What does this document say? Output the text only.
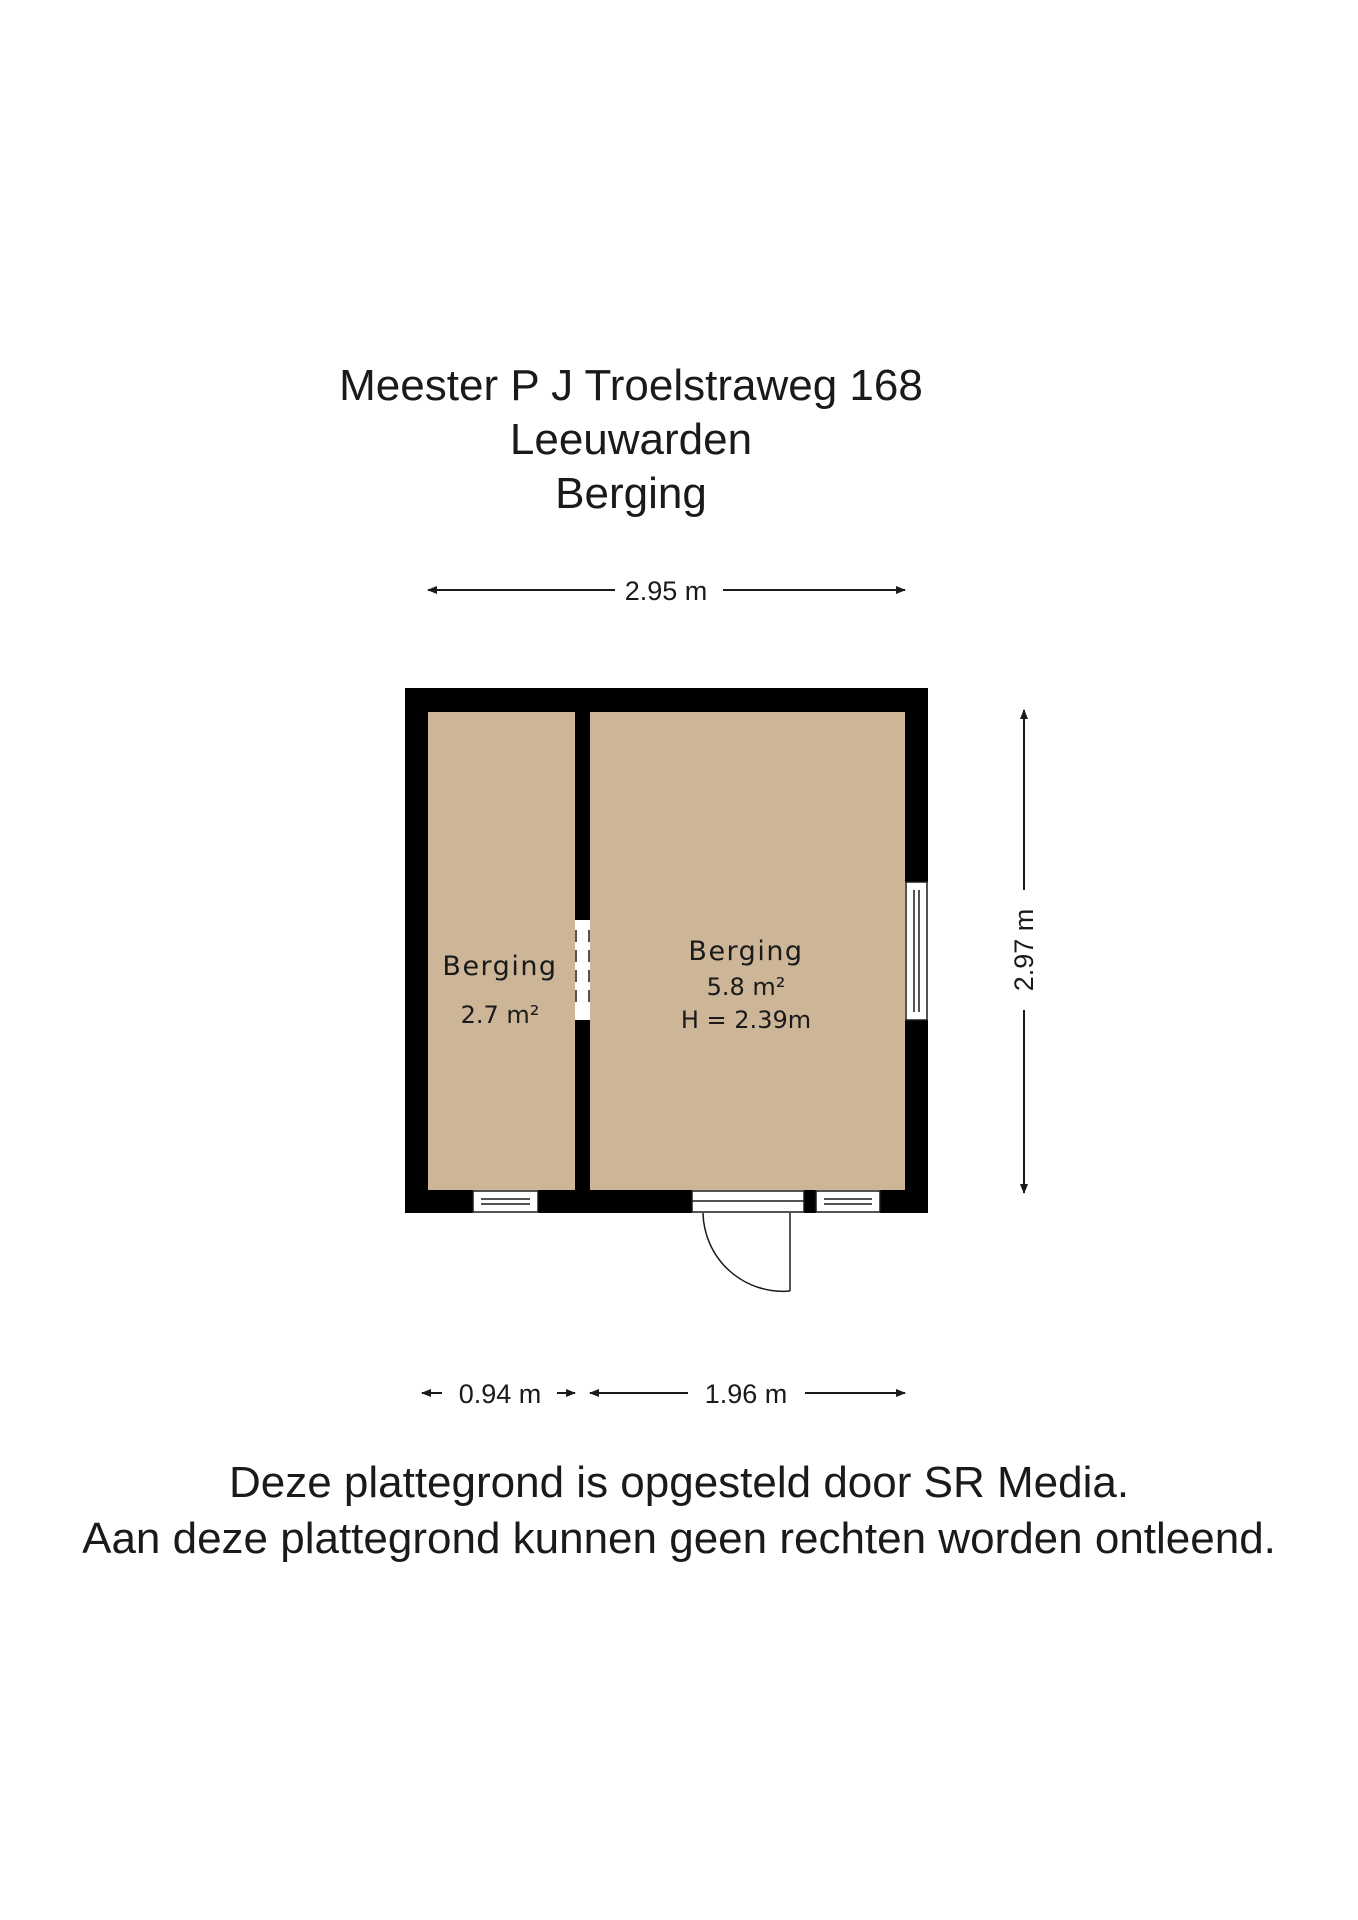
Meester P J Troelstraweg 168
Leeuwarden
Berging
2.95 m
2.97 m
Berging
2.7 m²
Berging
5.8 m²
H = 2.39m
0.94 m	1.96 m
Deze plattegrond is opgesteld door SR Media.
Aan deze plattegrond kunnen geen rechten worden ontleend.
